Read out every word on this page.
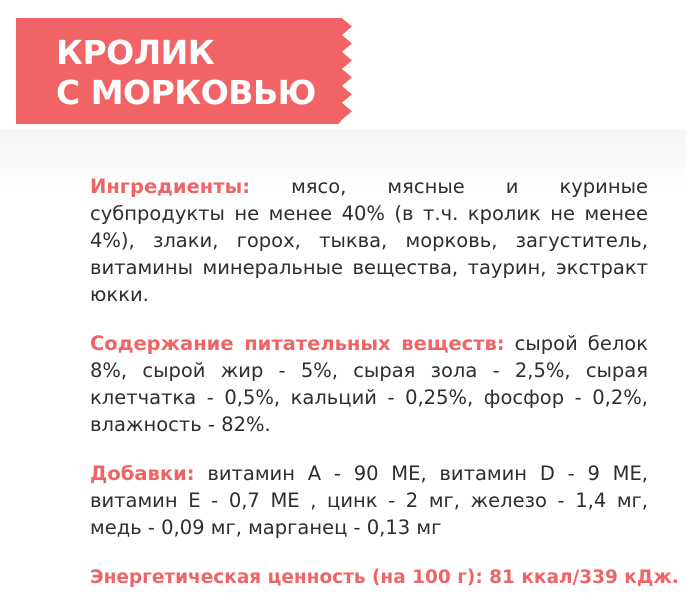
КРОЛИК
С МОРКОВЬЮ

Ингредиенты: мясо, мясные и куриные субпродукты не менее 40% (в т.ч. кролик не менее 4%), злаки, горох, тыква, морковь, загуститель, витамины минеральные вещества, таурин, экстракт юкки.

Содержание питательных веществ: сырой белок 8%, сырой жир - 5%, сырая зола - 2,5%, сырая клетчатка - 0,5%, кальций - 0,25%, фосфор - 0,2%, влажность - 82%.

Добавки: витамин A - 90 МЕ, витамин D - 9 МЕ, витамин E - 0,7 МЕ , цинк - 2 мг, железо - 1,4 мг, медь - 0,09 мг, марганец - 0,13 мг

Энергетическая ценность (на 100 г): 81 ккал/339 кДж.
